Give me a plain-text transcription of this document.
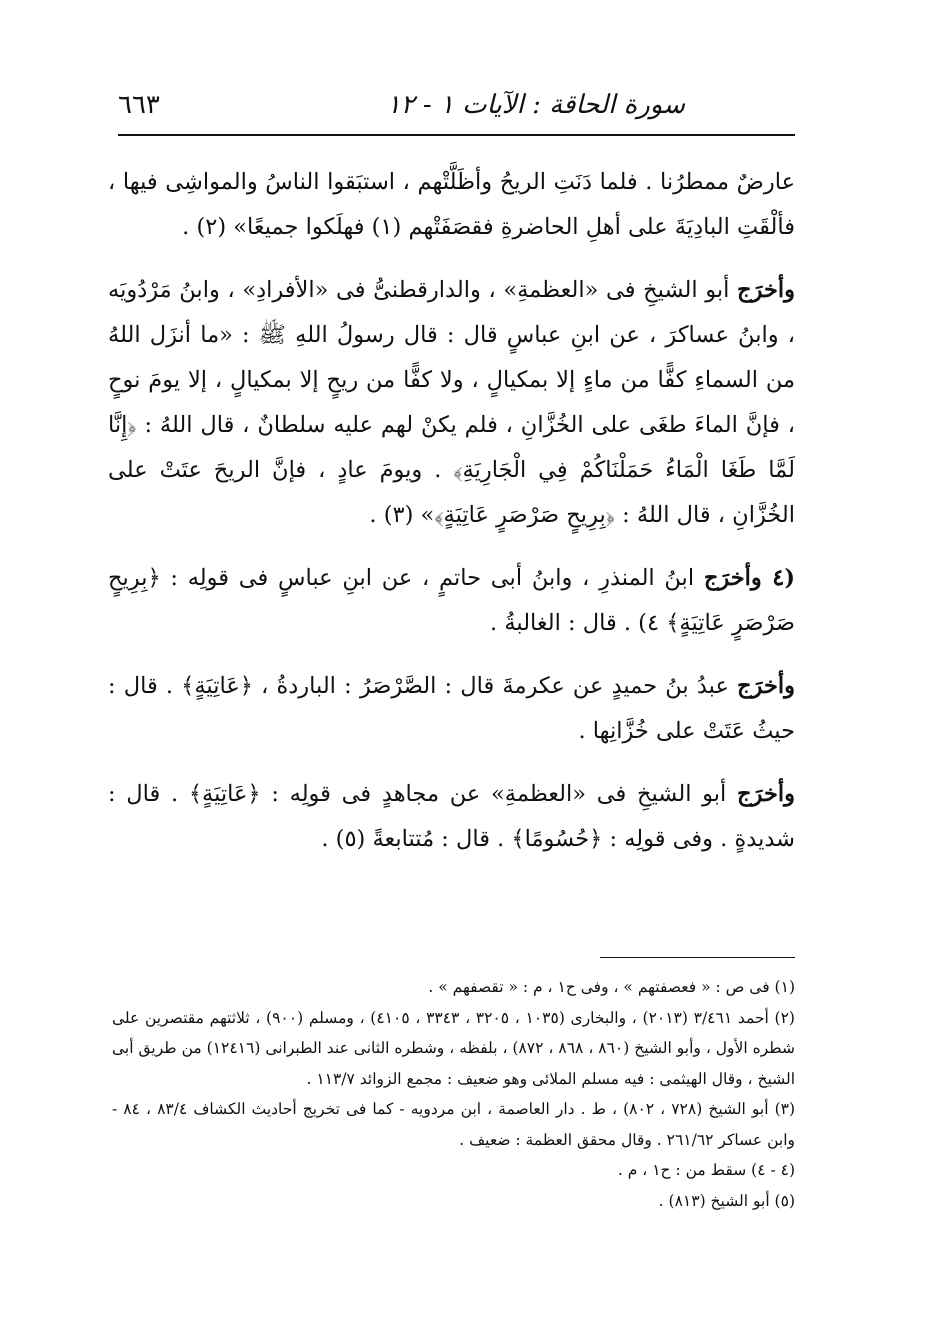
سورة الحاقة : الآيات ١ - ١٢
٦٦٣

عارضٌ ممطرُنا . فلما دَنَتِ الريحُ وأظَلَّتْهم ، استبَقوا الناسُ والمواشِى فيها ، فألْقَتِ البادِيَةَ على أهلِ الحاضرةِ فقصَفَتْهم (١) فهلَكوا جميعًا» (٢) .

وأخرَج أبو الشيخِ فى «العظمةِ» ، والدارقطنىُّ فى «الأفرادِ» ، وابنُ مَرْدُويَه ، وابنُ عساكرَ ، عن ابنِ عباسٍ قال : قال رسولُ اللهِ ﷺ : «ما أنزَل اللهُ من السماءِ كفًّا من ماءٍ إلا بمكيالٍ ، ولا كفًّا من ريحٍ إلا بمكيالٍ ، إلا يومَ نوحٍ ، فإنَّ الماءَ طغَى على الخُزَّانِ ، فلم يكنْ لهم عليه سلطانٌ ، قال اللهُ : ﴿إِنَّا لَمَّا طَغَا الْمَاءُ حَمَلْنَاكُمْ فِي الْجَارِيَةِ﴾ . ويومَ عادٍ ، فإنَّ الريحَ عتَتْ على الخُزَّانِ ، قال اللهُ : ﴿بِرِيحٍ صَرْصَرٍ عَاتِيَةٍ﴾» (٣) .

(٤ وأخرَج ابنُ المنذرِ ، وابنُ أبى حاتمٍ ، عن ابنِ عباسٍ فى قولِه : ﴿بِرِيحٍ صَرْصَرٍ عَاتِيَةٍ﴾ ٤) . قال : الغالبةُ .

وأخرَج عبدُ بنُ حميدٍ عن عكرمةَ قال : الصَّرْصَرُ : الباردةُ ، ﴿عَاتِيَةٍ﴾ . قال : حيثُ عَتَتْ على خُزَّانِها .

وأخرَج أبو الشيخِ فى «العظمةِ» عن مجاهدٍ فى قولِه : ﴿عَاتِيَةٍ﴾ . قال : شديدةٍ . وفى قولِه : ﴿حُسُومًا﴾ . قال : مُتتابعةً (٥) .

(١) فى ص : « فعصفتهم » ، وفى ح١ ، م : « تقصفهم » .

(٢) أحمد ٣/٤٦١ (٢٠١٣) ، والبخارى (١٠٣٥ ، ٣٢٠٥ ، ٣٣٤٣ ، ٤١٠٥) ، ومسلم (٩٠٠) ، ثلاثتهم مقتصرين على شطره الأول ، وأبو الشيخ (٨٦٠ ، ٨٦٨ ، ٨٧٢) ، بلفظه ، وشطره الثانى عند الطبرانى (١٢٤١٦) من طريق أبى الشيخ ، وقال الهيثمى : فيه مسلم الملائى وهو ضعيف : مجمع الزوائد ١١٣/٧ .

(٣) أبو الشيخ (٧٢٨ ، ٨٠٢) ، ط . دار العاصمة ، ابن مردويه - كما فى تخريج أحاديث الكشاف ٨٣/٤ ، ٨٤ - وابن عساكر ٢٦١/٦٢ . وقال محقق العظمة : ضعيف .

(٤ - ٤) سقط من : ح١ ، م .

(٥) أبو الشيخ (٨١٣) .
